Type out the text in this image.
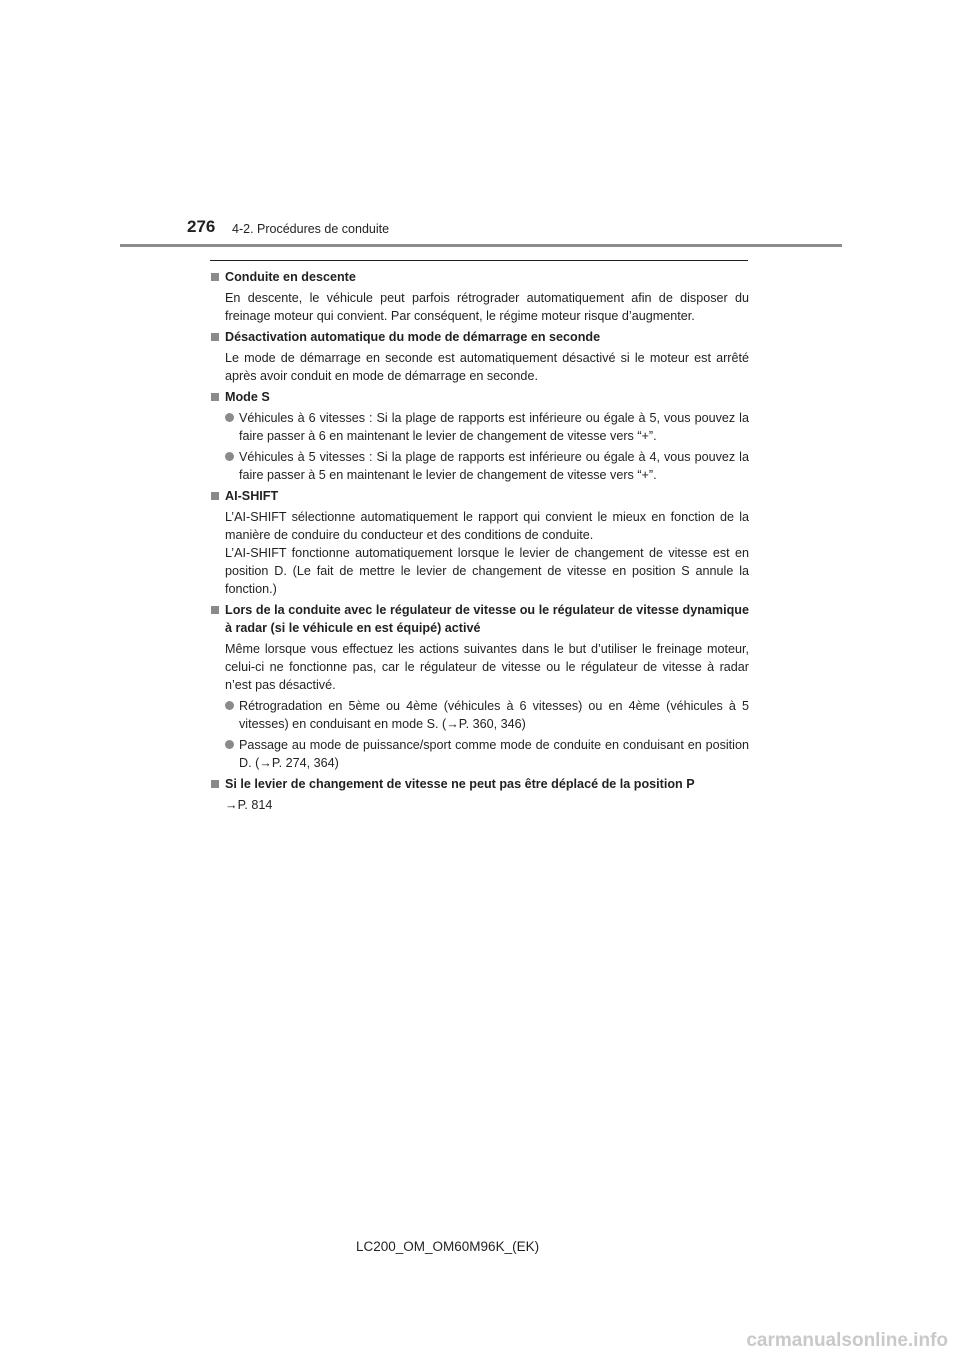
276 4-2. Procédures de conduite
Conduite en descente
En descente, le véhicule peut parfois rétrograder automatiquement afin de disposer du freinage moteur qui convient. Par conséquent, le régime moteur risque d’augmenter.
Désactivation automatique du mode de démarrage en seconde
Le mode de démarrage en seconde est automatiquement désactivé si le moteur est arrêté après avoir conduit en mode de démarrage en seconde.
Mode S
Véhicules à 6 vitesses : Si la plage de rapports est inférieure ou égale à 5, vous pouvez la faire passer à 6 en maintenant le levier de changement de vitesse vers “+”.
Véhicules à 5 vitesses : Si la plage de rapports est inférieure ou égale à 4, vous pouvez la faire passer à 5 en maintenant le levier de changement de vitesse vers “+”.
AI-SHIFT
L’AI-SHIFT sélectionne automatiquement le rapport qui convient le mieux en fonction de la manière de conduire du conducteur et des conditions de conduite.
L’AI-SHIFT fonctionne automatiquement lorsque le levier de changement de vitesse est en position D. (Le fait de mettre le levier de changement de vitesse en position S annule la fonction.)
Lors de la conduite avec le régulateur de vitesse ou le régulateur de vitesse dynamique à radar (si le véhicule en est équipé) activé
Même lorsque vous effectuez les actions suivantes dans le but d’utiliser le freinage moteur, celui-ci ne fonctionne pas, car le régulateur de vitesse ou le régulateur de vitesse à radar n’est pas désactivé.
Rétrogradation en 5ème ou 4ème (véhicules à 6 vitesses) ou en 4ème (véhicules à 5 vitesses) en conduisant en mode S. (→P. 360, 346)
Passage au mode de puissance/sport comme mode de conduite en conduisant en position D. (→P. 274, 364)
Si le levier de changement de vitesse ne peut pas être déplacé de la position P
→P. 814
LC200_OM_OM60M96K_(EK)
carmanualsonline.info
